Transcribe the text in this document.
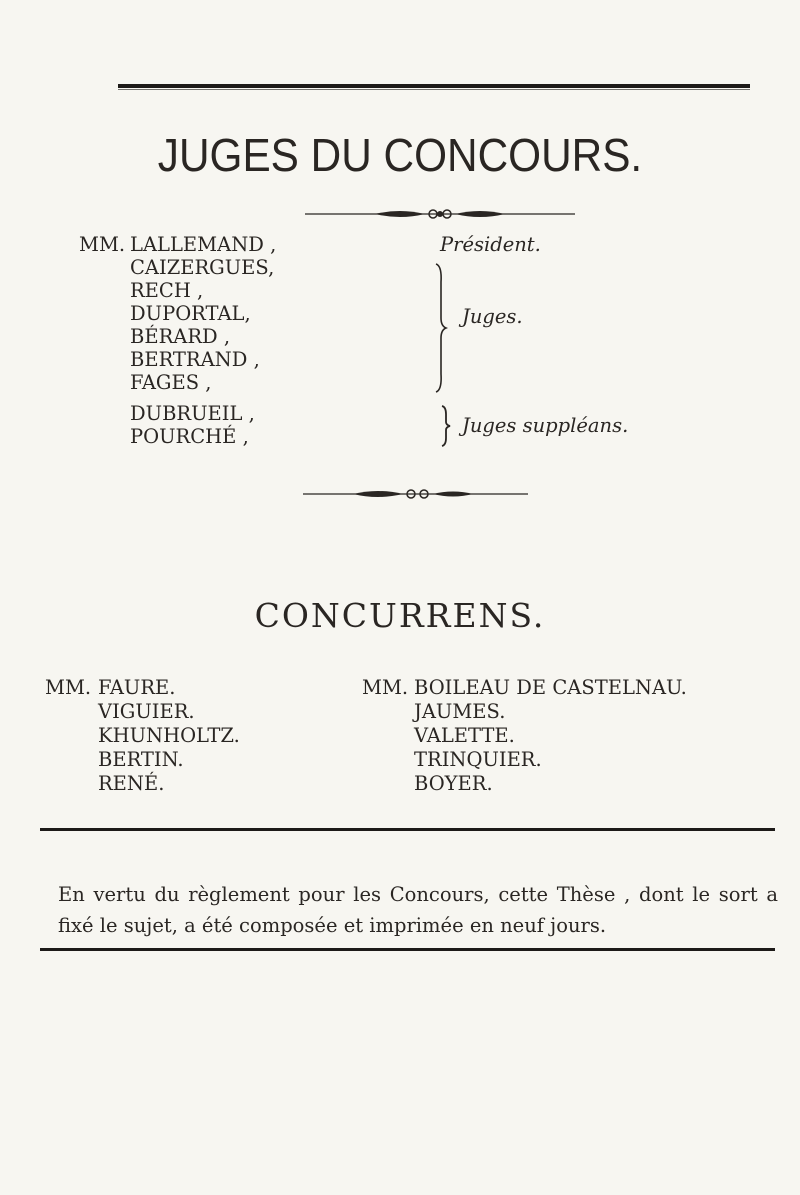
JUGES DU CONCOURS.
MM. LALLEMAND ,	Président.
CAIZERGUES,
RECH ,
DUPORTAL,
BÉRARD ,
BERTRAND ,
FAGES ,
Juges.
DUBRUEIL ,
POURCHÉ ,	Juges suppléans.
CONCURRENS.
MM. FAURE.
VIGUIER.
KHUNHOLTZ.
BERTIN.
RENÉ.
MM. BOILEAU DE CASTELNAU.
JAUMES.
VALETTE.
TRINQUIER.
BOYER.
En vertu du règlement pour les Concours, cette Thèse , dont le sort a fixé le sujet, a été composée et imprimée en neuf jours.
